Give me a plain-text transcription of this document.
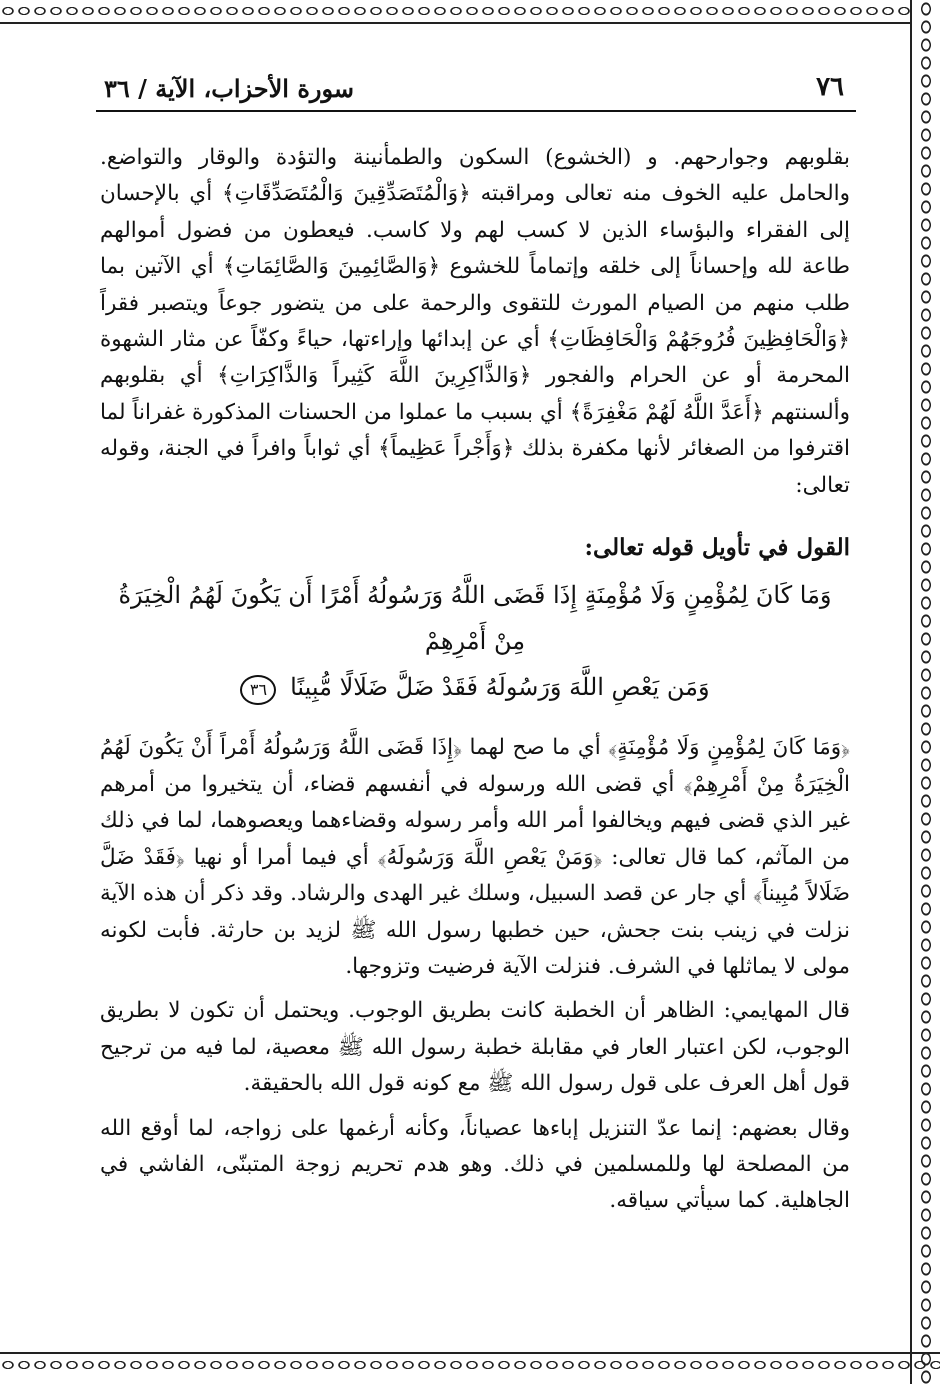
سورة الأحزاب، الآية / ٣٦	٧٦

بقلوبهم وجوارحهم. و (الخشوع) السكون والطمأنينة والتؤدة والوقار والتواضع. والحامل عليه الخوف منه تعالى ومراقبته ﴿وَالْمُتَصَدِّقِينَ وَالْمُتَصَدِّقَاتِ﴾ أي بالإحسان إلى الفقراء والبؤساء الذين لا كسب لهم ولا كاسب. فيعطون من فضول أموالهم طاعة لله وإحساناً إلى خلقه وإتماماً للخشوع ﴿وَالصَّائِمِينَ وَالصَّائِمَاتِ﴾ أي الآتين بما طلب منهم من الصيام المورث للتقوى والرحمة على من يتضور جوعاً ويتصبر فقراً ﴿وَالْحَافِظِينَ فُرُوجَهُمْ وَالْحَافِظَاتِ﴾ أي عن إبدائها وإراءتها، حياءً وكفّاً عن مثار الشهوة المحرمة أو عن الحرام والفجور ﴿وَالذَّاكِرِينَ اللَّهَ كَثِيراً وَالذَّاكِرَاتِ﴾ أي بقلوبهم وألسنتهم ﴿أَعَدَّ اللَّهُ لَهُمْ مَغْفِرَةً﴾ أي بسبب ما عملوا من الحسنات المذكورة غفراناً لما اقترفوا من الصغائر لأنها مكفرة بذلك ﴿وَأَجْراً عَظِيماً﴾ أي ثواباً وافراً في الجنة، وقوله تعالى:

القول في تأويل قوله تعالى:

وَمَا كَانَ لِمُؤْمِنٍ وَلَا مُؤْمِنَةٍ إِذَا قَضَى اللَّهُ وَرَسُولُهُ أَمْرًا أَن يَكُونَ لَهُمُ الْخِيَرَةُ مِنْ أَمْرِهِمْ
وَمَن يَعْصِ اللَّهَ وَرَسُولَهُ فَقَدْ ضَلَّ ضَلَالًا مُّبِينًا ٣٦

﴿وَمَا كَانَ لِمُؤْمِنٍ وَلَا مُؤْمِنَةٍ﴾ أي ما صح لهما ﴿إِذَا قَضَى اللَّهُ وَرَسُولُهُ أَمْراً أَنْ يَكُونَ لَهُمُ الْخِيَرَةُ مِنْ أَمْرِهِمْ﴾ أي قضى الله ورسوله في أنفسهم قضاء، أن يتخيروا من أمرهم غير الذي قضى فيهم ويخالفوا أمر الله وأمر رسوله وقضاءهما ويعصوهما، لما في ذلك من المآثم، كما قال تعالى: ﴿وَمَنْ يَعْصِ اللَّهَ وَرَسُولَهُ﴾ أي فيما أمرا أو نهيا ﴿فَقَدْ ضَلَّ ضَلَالاً مُبِيناً﴾ أي جار عن قصد السبيل، وسلك غير الهدى والرشاد. وقد ذكر أن هذه الآية نزلت في زينب بنت جحش، حين خطبها رسول الله ﷺ لزيد بن حارثة. فأبت لكونه مولى لا يماثلها في الشرف. فنزلت الآية فرضيت وتزوجها.

قال المهايمي: الظاهر أن الخطبة كانت بطريق الوجوب. ويحتمل أن تكون لا بطريق الوجوب، لكن اعتبار العار في مقابلة خطبة رسول الله ﷺ معصية، لما فيه من ترجيح قول أهل العرف على قول رسول الله ﷺ مع كونه قول الله بالحقيقة.

وقال بعضهم: إنما عدّ التنزيل إباءها عصياناً، وكأنه أرغمها على زواجه، لما أوقع الله من المصلحة لها وللمسلمين في ذلك. وهو هدم تحريم زوجة المتبنّى، الفاشي في الجاهلية. كما سيأتي سياقه.
